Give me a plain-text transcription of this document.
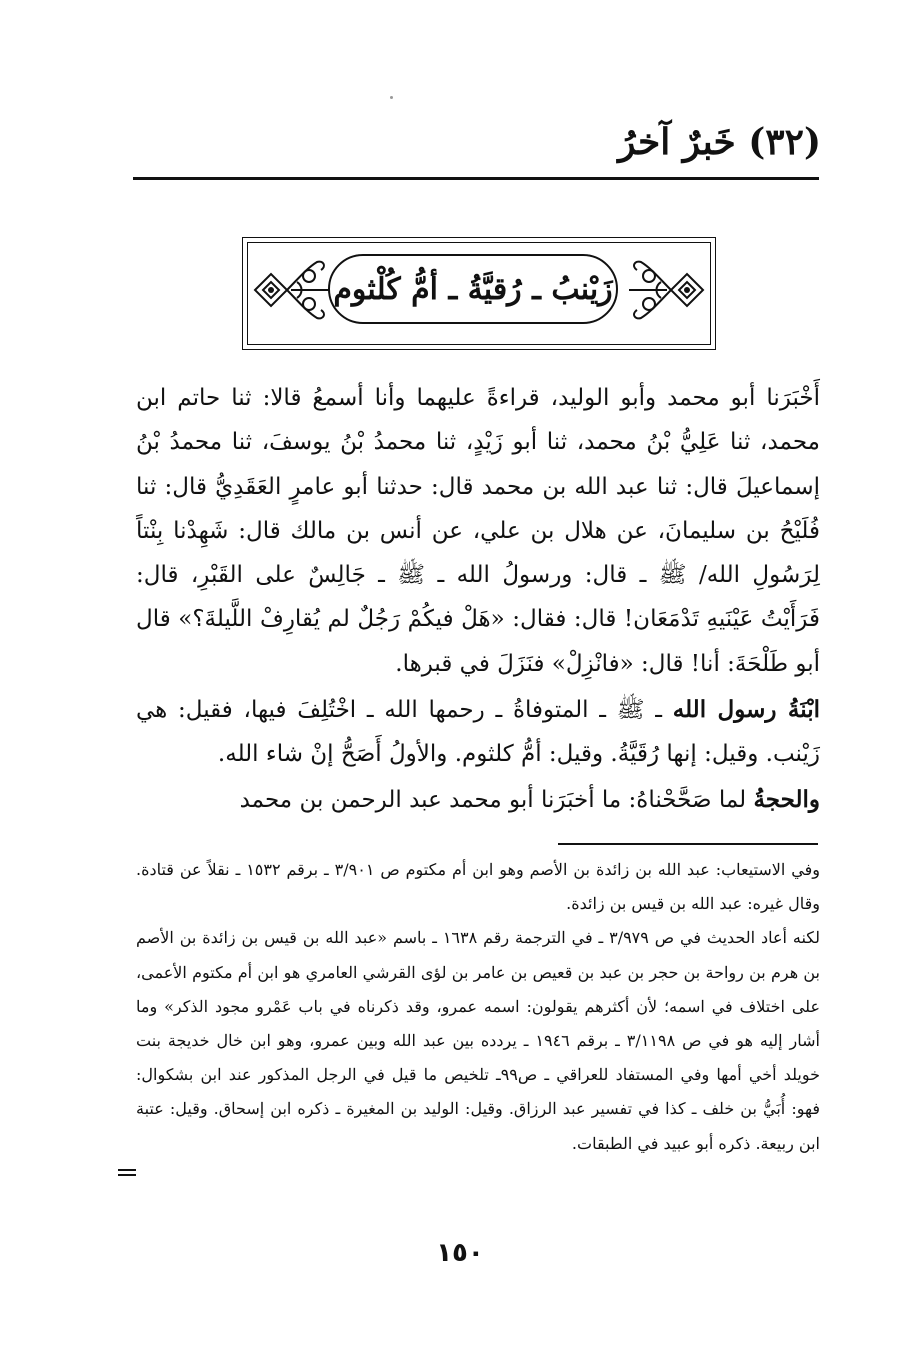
(٣٢) خَبرٌ آخرُ
زَيْنبُ ـ رُقيَّةُ ـ أمُّ كُلْثوم
أَخْبَرَنا أبو محمد وأبو الوليد، قراءةً عليهما وأنا أسمعُ قالا: ثنا حاتم ابن محمد، ثنا عَلِيُّ بْنُ محمد، ثنا أبو زَيْدٍ، ثنا محمدُ بْنُ يوسفَ، ثنا محمدُ بْنُ إسماعيلَ قال: ثنا عبد الله بن محمد قال: حدثنا أبو عامرٍ العَقَدِيُّ قال: ثنا فُلَيْحُ بن سليمانَ، عن هلال بن علي، عن أنس بن مالك قال: شَهِدْنا بِنْتاً لِرَسُولِ الله/ ﷺ ـ قال: ورسولُ الله ـ ﷺ ـ جَالِسٌ على القَبْرِ، قال: فَرَأَيْتُ عَيْنَيهِ تَدْمَعَان! قال: فقال: «هَلْ فيكُمْ رَجُلٌ لم يُقارِفْ اللَّيلةَ؟» قال أبو طَلْحَةَ: أنا! قال: «فانْزِلْ» فنَزَلَ في قبرها.
ابْنَةُ رسول الله ـ ﷺ ـ المتوفاةُ ـ رحمها الله ـ اخْتُلِفَ فيها، فقيل: هي زَيْنب. وقيل: إنها رُقَيَّةُ. وقيل: أمُّ كلثوم. والأولُ أَصَحُّ إنْ شاء الله.
والحجةُ لما صَحَّحْناهُ: ما أخبَرَنا أبو محمد عبد الرحمن بن محمد

وفي الاستيعاب: عبد الله بن زائدة بن الأصم وهو ابن أم مكتوم ص ٣/٩٠١ ـ برقم ١٥٣٢ ـ نقلاً عن قتادة. وقال غيره: عبد الله بن قيس بن زائدة.

لكنه أعاد الحديث في ص ٣/٩٧٩ ـ في الترجمة رقم ١٦٣٨ ـ باسم «عبد الله بن قيس بن زائدة بن الأصم بن هرم بن رواحة بن حجر بن عبد بن قعيص بن عامر بن لؤى القرشي العامري هو ابن أم مكتوم الأعمى، على اختلاف في اسمه؛ لأن أكثرهم يقولون: اسمه عمرو، وقد ذكرناه في باب عَمْرو مجود الذكر» وما أشار إليه هو في ص ٣/١١٩٨ ـ برقم ١٩٤٦ ـ يردده بين عبد الله وبين عمرو، وهو ابن خال خديجة بنت خويلد أخي أمها وفي المستفاد للعراقي ـ ص٩٩ـ تلخيص ما قيل في الرجل المذكور عند ابن بشكوال: فهو: أُبَيُّ بن خلف ـ كذا في تفسير عبد الرزاق. وقيل: الوليد بن المغيرة ـ ذكره ابن إسحاق. وقيل: عتبة ابن ربيعة. ذكره أبو عبيد في الطبقات.

١٥٠
